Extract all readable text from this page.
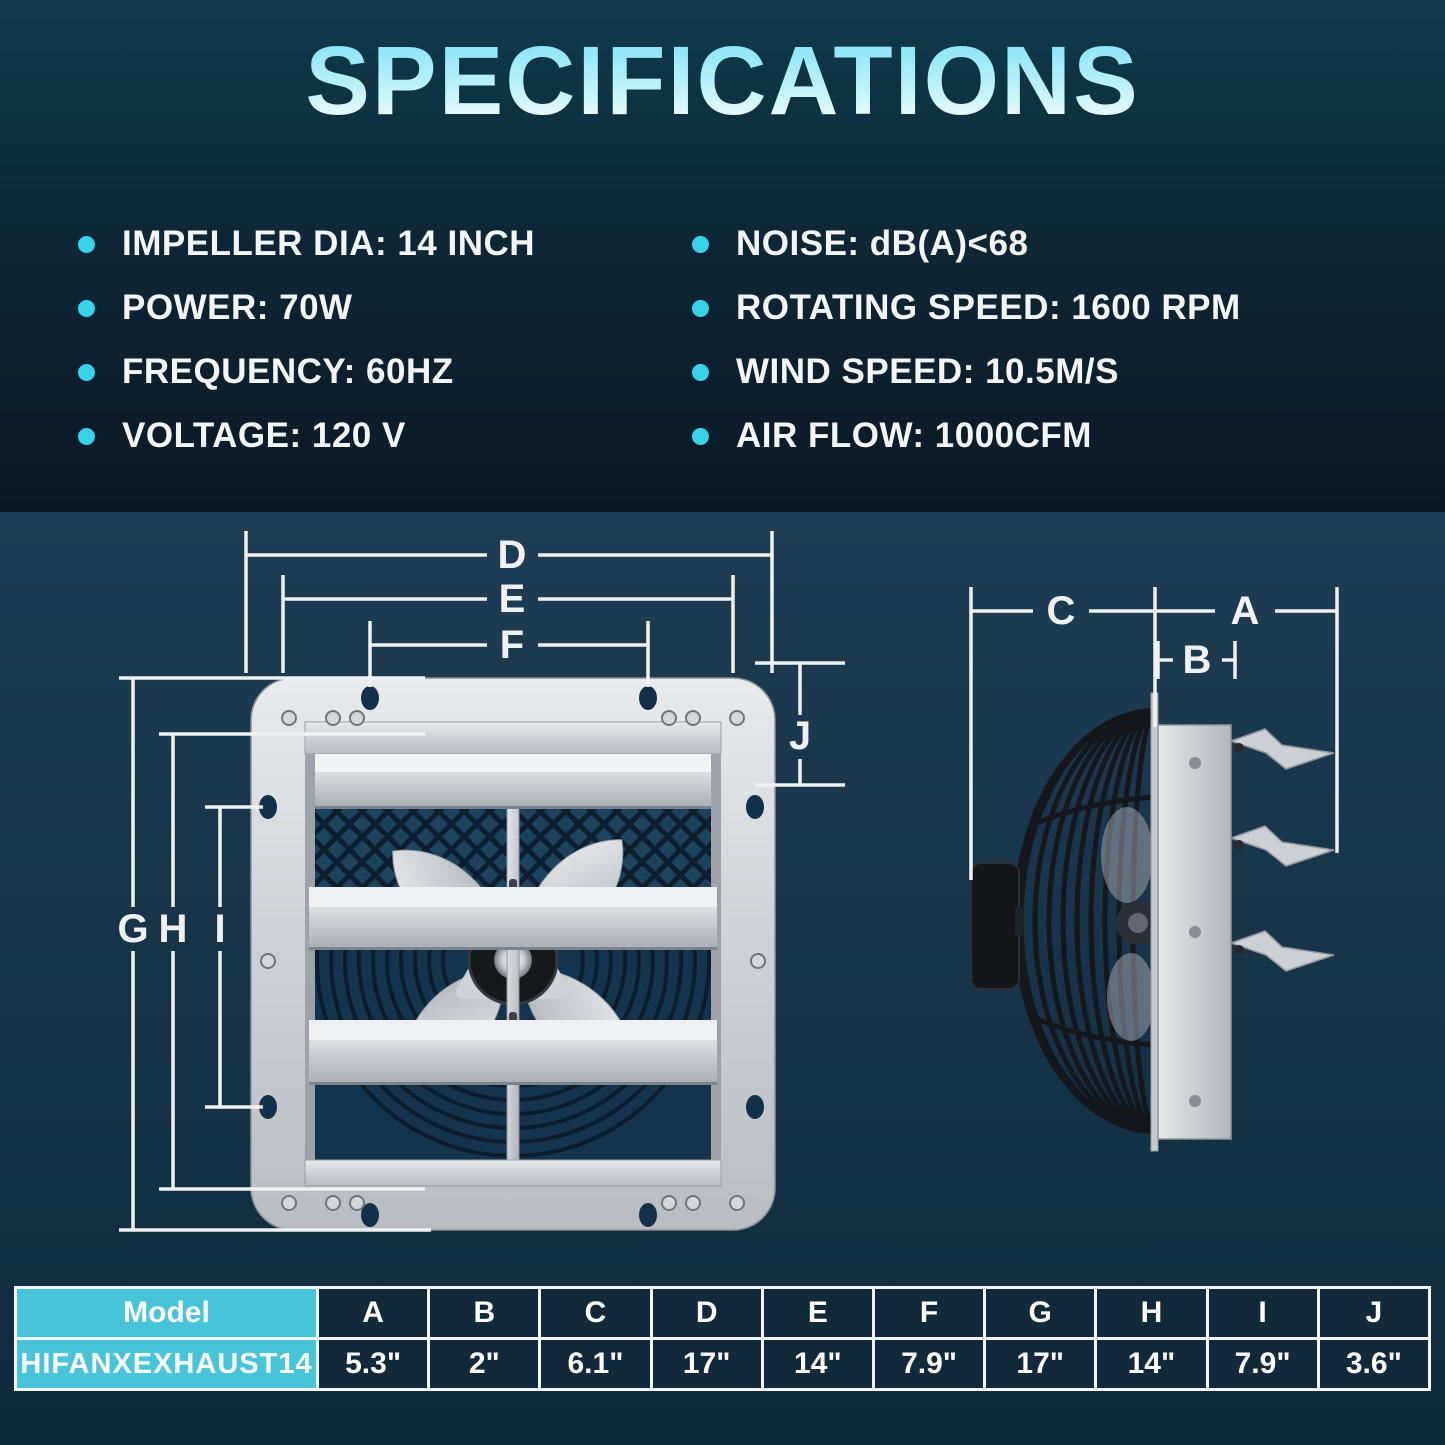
SPECIFICATIONS
IMPELLER DIA: 14 INCH
POWER: 70W
FREQUENCY: 60HZ
VOLTAGE: 120 V
NOISE: dB(A)<68
ROTATING SPEED: 1600 RPM
WIND SPEED: 10.5M/S
AIR FLOW: 1000CFM
D
E
F
J
G H I
C	A
B
Model	A	B	C	D	E	F	G	H	I	J
HIFANXEXHAUST14	5.3"	2"	6.1"	17"	14"	7.9"	17"	14"	7.9"	3.6"
